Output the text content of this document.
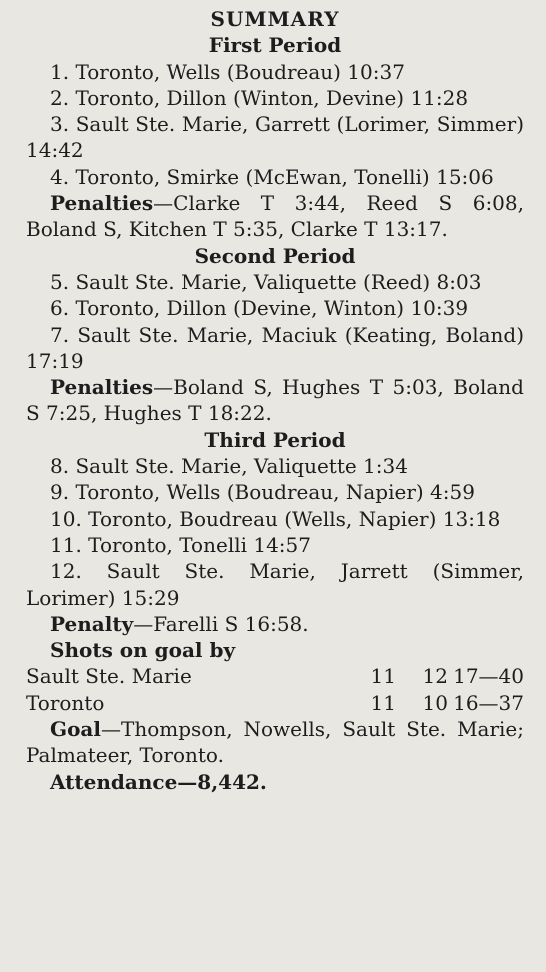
SUMMARY
First Period

1. Toronto, Wells (Boudreau) 10:37

2. Toronto, Dillon (Winton, Devine) 11:28

3. Sault Ste. Marie, Garrett (Lorimer, Simmer) 14:42

4. Toronto, Smirke (McEwan, Tonelli) 15:06

Penalties—Clarke T 3:44, Reed S 6:08, Boland S, Kitchen T 5:35, Clarke T 13:17.

Second Period

5. Sault Ste. Marie, Valiquette (Reed) 8:03

6. Toronto, Dillon (Devine, Winton) 10:39

7. Sault Ste. Marie, Maciuk (Keating, Boland) 17:19

Penalties—Boland S, Hughes T 5:03, Boland S 7:25, Hughes T 18:22.

Third Period

8. Sault Ste. Marie, Valiquette 1:34

9. Toronto, Wells (Boudreau, Napier) 4:59

10. Toronto, Boudreau (Wells, Napier) 13:18

11. Toronto, Tonelli 14:57

12. Sault Ste. Marie, Jarrett (Simmer, Lorimer) 15:29

Penalty—Farelli S 16:58.

Shots on goal by

Sault Ste. Marie	11	12 17—40
Toronto	11	10 16—37

Goal—Thompson, Nowells, Sault Ste. Marie; Palmateer, Toronto.

Attendance—8,442.
